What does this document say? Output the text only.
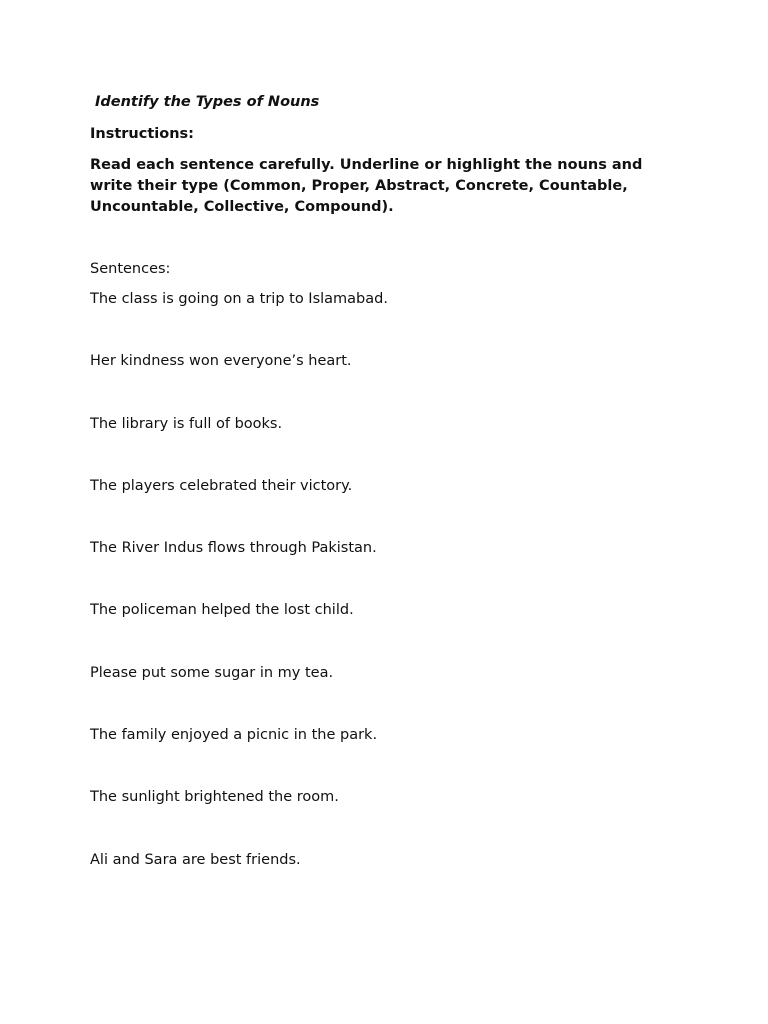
Identify the Types of Nouns
Instructions:
Read each sentence carefully. Underline or highlight the nouns and
write their type (Common, Proper, Abstract, Concrete, Countable,
Uncountable, Collective, Compound).
Sentences:
The class is going on a trip to Islamabad.
Her kindness won everyone’s heart.
The library is full of books.
The players celebrated their victory.
The River Indus flows through Pakistan.
The policeman helped the lost child.
Please put some sugar in my tea.
The family enjoyed a picnic in the park.
The sunlight brightened the room.
Ali and Sara are best friends.
